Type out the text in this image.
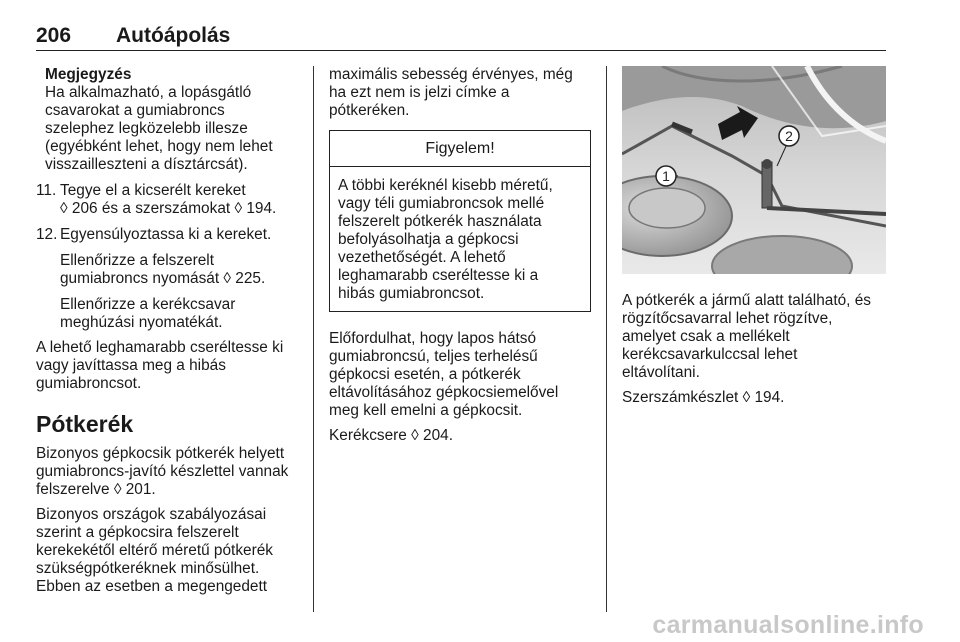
206 Autóápolás

Megjegyzés

Ha alkalmazható, a lopásgátló

csavarokat a gumiabroncs

szelephez legközelebb illesze

(egyébként lehet, hogy nem lehet

visszailleszteni a dísztárcsát).

11. Tegye el a kicserélt kereket
◊ 206 és a szerszámokat ◊ 194.

12. Egyensúlyoztassa ki a kereket.

Ellenőrizze a felszerelt
gumiabroncs nyomását ◊ 225.

Ellenőrizze a kerékcsavar
meghúzási nyomatékát.

A lehető leghamarabb cseréltesse ki
vagy javíttassa meg a hibás
gumiabroncsot.

Pótkerék

Bizonyos gépkocsik pótkerék helyett
gumiabroncs-javító készlettel vannak
felszerelve ◊ 201.

Bizonyos országok szabályozásai
szerint a gépkocsira felszerelt
kerekekétől eltérő méretű pótkerék
szükségpótkeréknek minősülhet.
Ebben az esetben a megengedett

maximális sebesség érvényes, még
ha ezt nem is jelzi címke a
pótkeréken.

Figyelem!
A többi keréknél kisebb méretű,
vagy téli gumiabroncsok mellé
felszerelt pótkerék használata
befolyásolhatja a gépkocsi
vezethetőségét. A lehető
leghamarabb cseréltesse ki a
hibás gumiabroncsot.

Előfordulhat, hogy lapos hátsó
gumiabroncsú, teljes terhelésű
gépkocsi esetén, a pótkerék
eltávolításához gépkocsiemelővel
meg kell emelni a gépkocsit.

Kerékcsere ◊ 204.

1
2

A pótkerék a jármű alatt található, és
rögzítőcsavarral lehet rögzítve,
amelyet csak a mellékelt
kerékcsavarkulccsal lehet
eltávolítani.

Szerszámkészlet ◊ 194.

carmanualsonline.info
